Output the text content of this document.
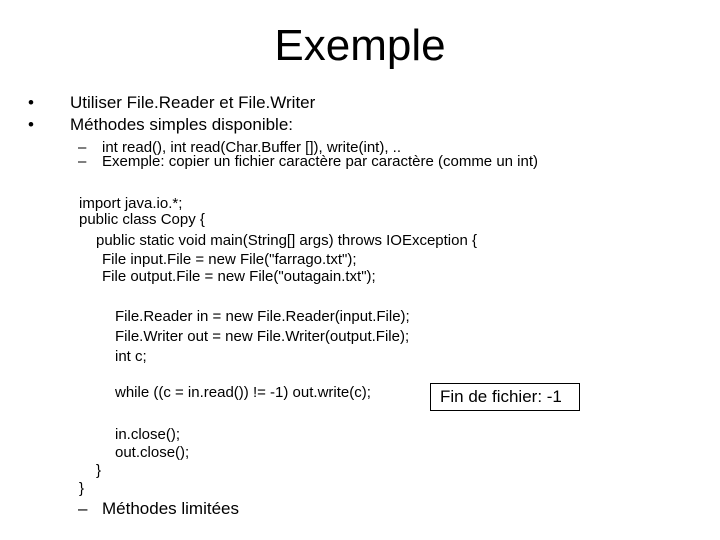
Exemple
• Utiliser File.Reader et File.Writer
• Méthodes simples disponible:
– int read(), int read(Char.Buffer []), write(int), ..
– Exemple: copier un fichier caractère par caractère (comme un int)

import java.io.*;

public class Copy {

public static void main(String[] args) throws IOException {

File input.File = new File("farrago.txt");

File output.File = new File("outagain.txt");

File.Reader in = new File.Reader(input.File);

File.Writer out = new File.Writer(output.File);

int c;

while ((c = in.read()) != -1) out.write(c);

in.close();

out.close();

}

}

Fin de fichier: -1
– Méthodes limitées
